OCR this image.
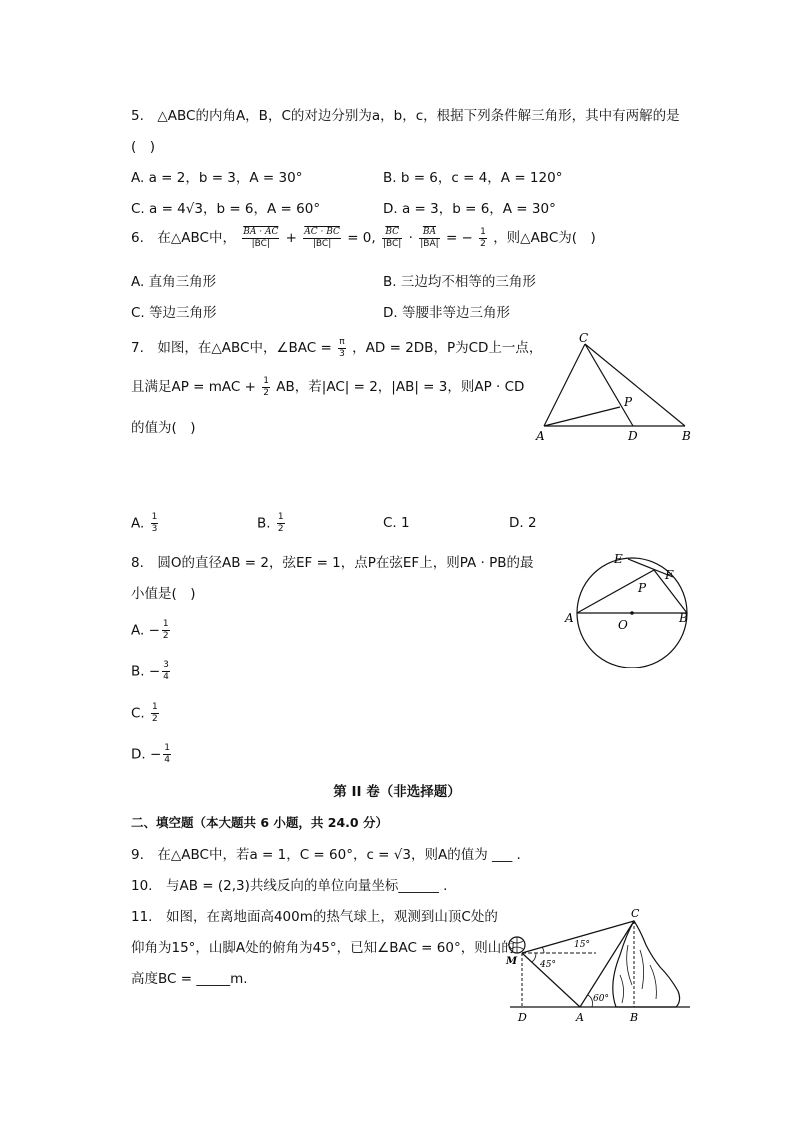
5.　△ABC的内角A，B，C的对边分别为a，b，c，根据下列条件解三角形，其中有两解的是
(　)
A. a = 2，b = 3，A = 30°	B. b = 6，c = 4，A = 120°
C. a = 4√3，b = 6，A = 60°	D. a = 3，b = 6，A = 30°
6.　在△ABC中， $\frac{BA \cdot AC}{|BC|} + \frac{AC \cdot BC}{|BC|} = 0$, $\frac{\overline{BC}}{|BC|} \cdot \frac{\overline{BA}}{|BA|}$ = − $\frac{1}{2}$ ，则△ABC为(　)
A. 直角三角形	B. 三边均不相等的三角形
C. 等边三角形	D. 等腰非等边三角形
7.　如图，在△ABC中，∠BAC = $\frac{\pi}{3}$ ，AD = 2DB，P为CD上一点，
且满足AP = mAC + $\frac{1}{2}$ AB，若|AC| = 2，|AB| = 3，则AP · CD
的值为(　)
C
A	D	B
P
A. $\frac{1}{3}$	B. $\frac{1}{2}$	C. 1	D. 2
8.　圆O的直径AB = 2，弦EF = 1，点P在弦EF上，则PA · PB的最
小值是(　)
E
F
P
A	O	B
A. − $\frac{1}{2}$
B. − $\frac{3}{4}$
C. $\frac{1}{2}$
D. − $\frac{1}{4}$
第 II 卷（非选择题）
二、填空题（本大题共 6 小题，共 24.0 分）
9.　在△ABC中，若a = 1，C = 60°，c = √3，则A的值为 ___ .
10.　与AB = (2,3)共线反向的单位向量坐标______ .
11.　如图，在离地面高400m的热气球上，观测到山顶C处的
仰角为15°，山脚A处的俯角为45°，已知∠BAC = 60°，则山的
高度BC = _____m.
C
M
15°
45°
60°
D	A	B
